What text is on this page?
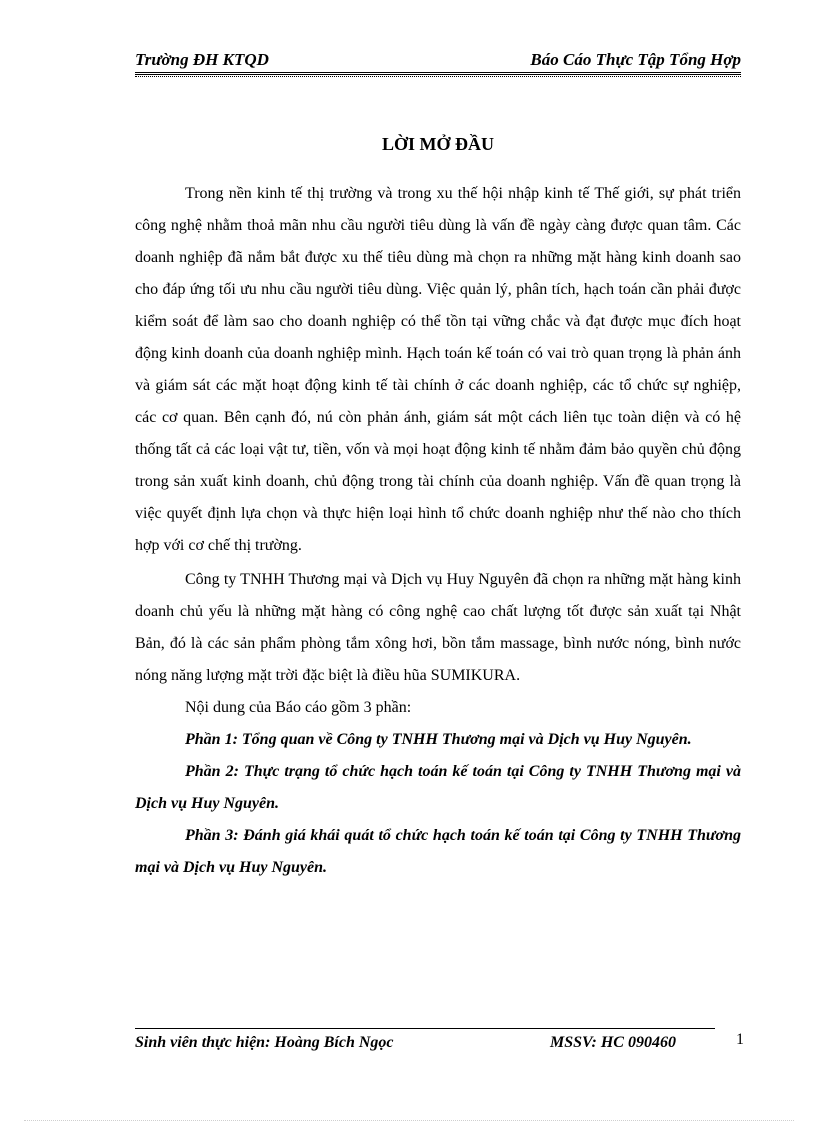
Trường ĐH KTQD	Báo Cáo Thực Tập Tổng Hợp
LỜI MỞ ĐẦU

Trong nền kinh tế thị trường và trong xu thế hội nhập kinh tế Thế giới, sự phát triển công nghệ nhằm thoả mãn nhu cầu người tiêu dùng là vấn đề ngày càng được quan tâm. Các doanh nghiệp đã nắm bắt được xu thế tiêu dùng mà chọn ra những mặt hàng kinh doanh sao cho đáp ứng tối ưu nhu cầu người tiêu dùng. Việc quản lý, phân tích, hạch toán cần phải được kiểm soát để làm sao cho doanh nghiệp có thể tồn tại vững chắc và đạt được mục đích hoạt động kinh doanh của doanh nghiệp mình. Hạch toán kế toán có vai trò quan trọng là phản ánh và giám sát các mặt hoạt động kinh tế tài chính ở các doanh nghiệp, các tổ chức sự nghiệp, các cơ quan. Bên cạnh đó, nú còn phản ánh, giám sát một cách liên tục toàn diện và có hệ thống tất cả các loại vật tư, tiền, vốn và mọi hoạt động kinh tế nhằm đảm bảo quyền chủ động trong sản xuất kinh doanh, chủ động trong tài chính của doanh nghiệp. Vấn đề quan trọng là việc quyết định lựa chọn và thực hiện loại hình tổ chức doanh nghiệp như thế nào cho thích hợp với cơ chế thị trường.

Công ty TNHH Thương mại và Dịch vụ Huy Nguyên đã chọn ra những mặt hàng kinh doanh chủ yếu là những mặt hàng có công nghệ cao chất lượng tốt được sản xuất tại Nhật Bản, đó là các sản phẩm phòng tắm xông hơi, bồn tắm massage, bình nước nóng, bình nước nóng năng lượng mặt trời đặc biệt là điều hũa SUMIKURA.

Nội dung của Báo cáo gồm 3 phần:

Phần 1: Tổng quan về Công ty TNHH Thương mại và Dịch vụ Huy Nguyên.

Phần 2: Thực trạng tổ chức hạch toán kế toán tại Công ty TNHH Thương mại và Dịch vụ Huy Nguyên.

Phần 3: Đánh giá khái quát tổ chức hạch toán kế toán tại Công ty TNHH Thương mại và Dịch vụ Huy Nguyên.

Sinh viên thực hiện: Hoàng Bích Ngọc	MSSV: HC 090460	1
